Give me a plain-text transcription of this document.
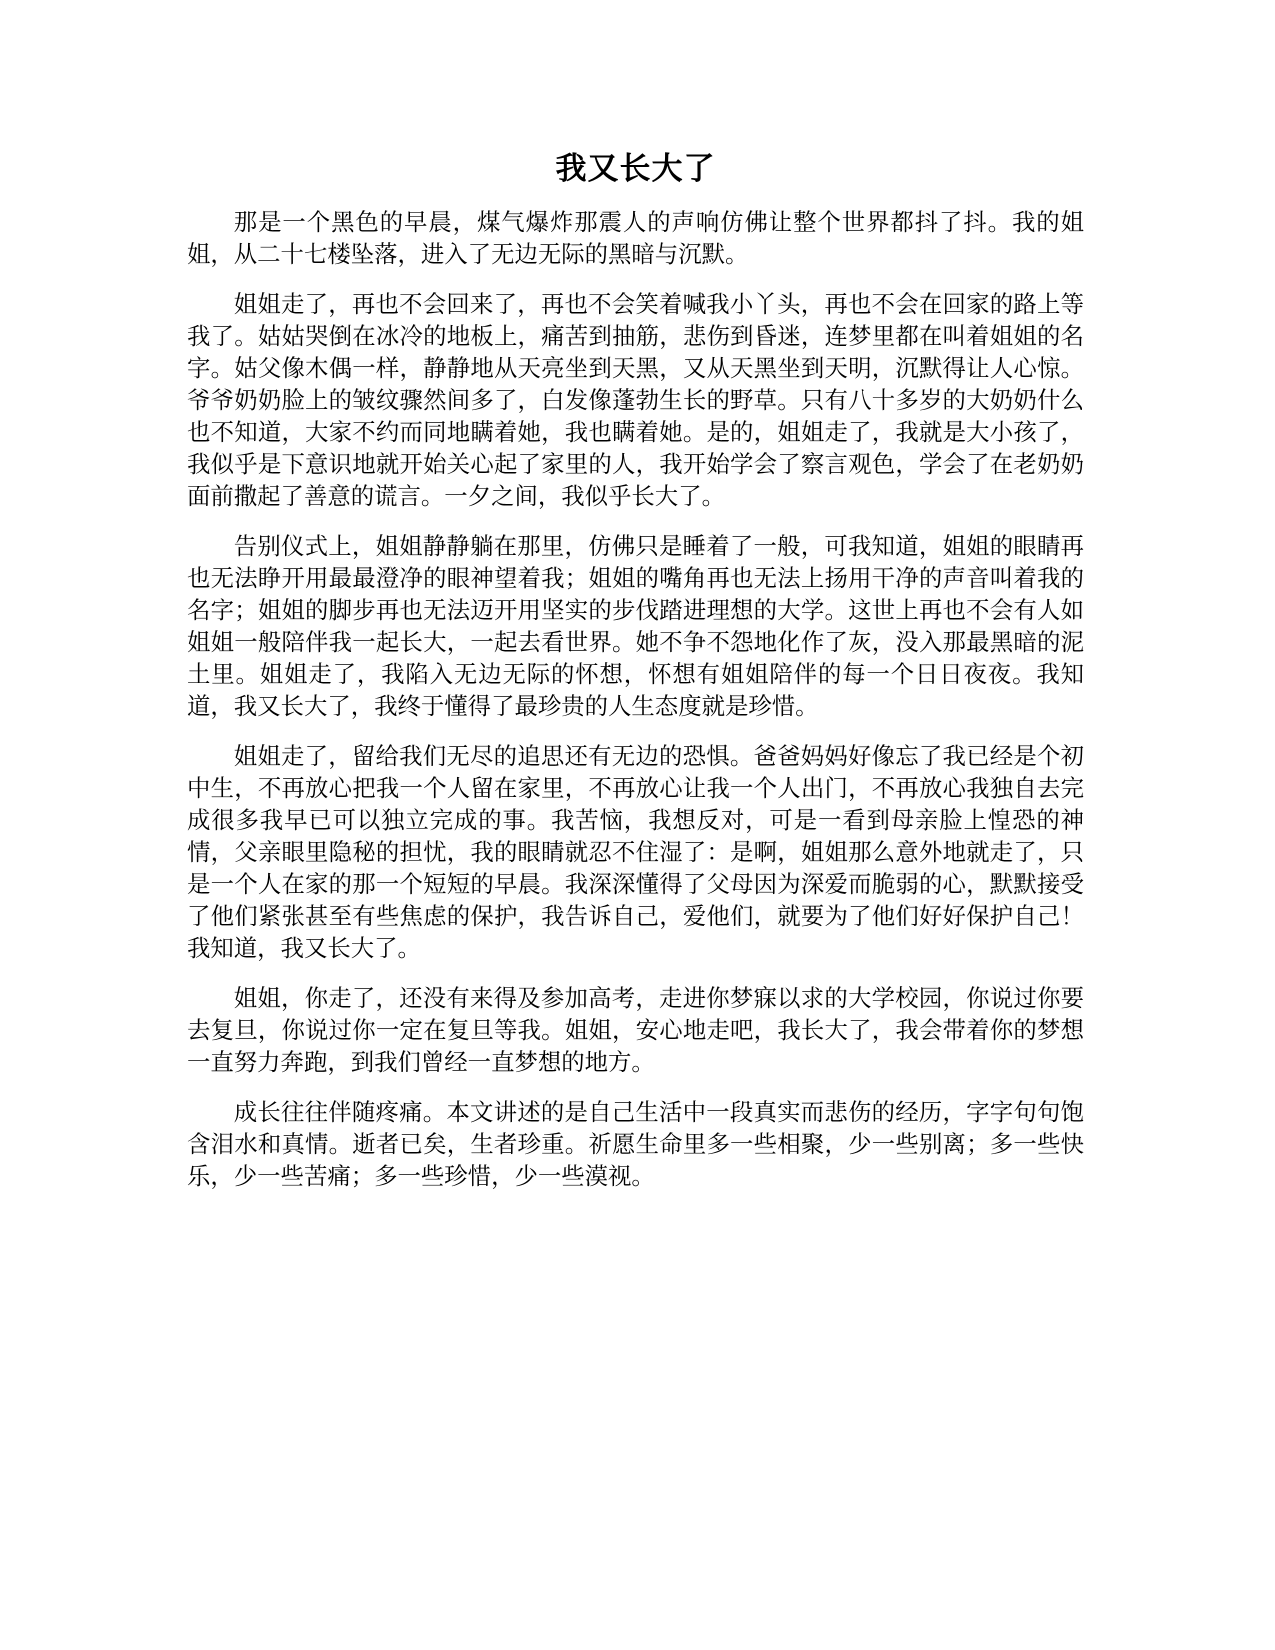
我又长大了

那是一个黑色的早晨，煤气爆炸那震人的声响仿佛让整个世界都抖了抖。我的姐姐，从二十七楼坠落，进入了无边无际的黑暗与沉默。

姐姐走了，再也不会回来了，再也不会笑着喊我小丫头，再也不会在回家的路上等我了。姑姑哭倒在冰冷的地板上，痛苦到抽筋，悲伤到昏迷，连梦里都在叫着姐姐的名字。姑父像木偶一样，静静地从天亮坐到天黑，又从天黑坐到天明，沉默得让人心惊。爷爷奶奶脸上的皱纹骤然间多了，白发像蓬勃生长的野草。只有八十多岁的大奶奶什么也不知道，大家不约而同地瞒着她，我也瞒着她。是的，姐姐走了，我就是大小孩了，我似乎是下意识地就开始关心起了家里的人，我开始学会了察言观色，学会了在老奶奶面前撒起了善意的谎言。一夕之间，我似乎长大了。

告别仪式上，姐姐静静躺在那里，仿佛只是睡着了一般，可我知道，姐姐的眼睛再也无法睁开用最最澄净的眼神望着我；姐姐的嘴角再也无法上扬用干净的声音叫着我的名字；姐姐的脚步再也无法迈开用坚实的步伐踏进理想的大学。这世上再也不会有人如姐姐一般陪伴我一起长大，一起去看世界。她不争不怨地化作了灰，没入那最黑暗的泥土里。姐姐走了，我陷入无边无际的怀想，怀想有姐姐陪伴的每一个日日夜夜。我知道，我又长大了，我终于懂得了最珍贵的人生态度就是珍惜。

姐姐走了，留给我们无尽的追思还有无边的恐惧。爸爸妈妈好像忘了我已经是个初中生，不再放心把我一个人留在家里，不再放心让我一个人出门，不再放心我独自去完成很多我早已可以独立完成的事。我苦恼，我想反对，可是一看到母亲脸上惶恐的神情，父亲眼里隐秘的担忧，我的眼睛就忍不住湿了：是啊，姐姐那么意外地就走了，只是一个人在家的那一个短短的早晨。我深深懂得了父母因为深爱而脆弱的心，默默接受了他们紧张甚至有些焦虑的保护，我告诉自己，爱他们，就要为了他们好好保护自己！我知道，我又长大了。

姐姐，你走了，还没有来得及参加高考，走进你梦寐以求的大学校园，你说过你要去复旦，你说过你一定在复旦等我。姐姐，安心地走吧，我长大了，我会带着你的梦想一直努力奔跑，到我们曾经一直梦想的地方。

成长往往伴随疼痛。本文讲述的是自己生活中一段真实而悲伤的经历，字字句句饱含泪水和真情。逝者已矣，生者珍重。祈愿生命里多一些相聚，少一些别离；多一些快乐，少一些苦痛；多一些珍惜，少一些漠视。
